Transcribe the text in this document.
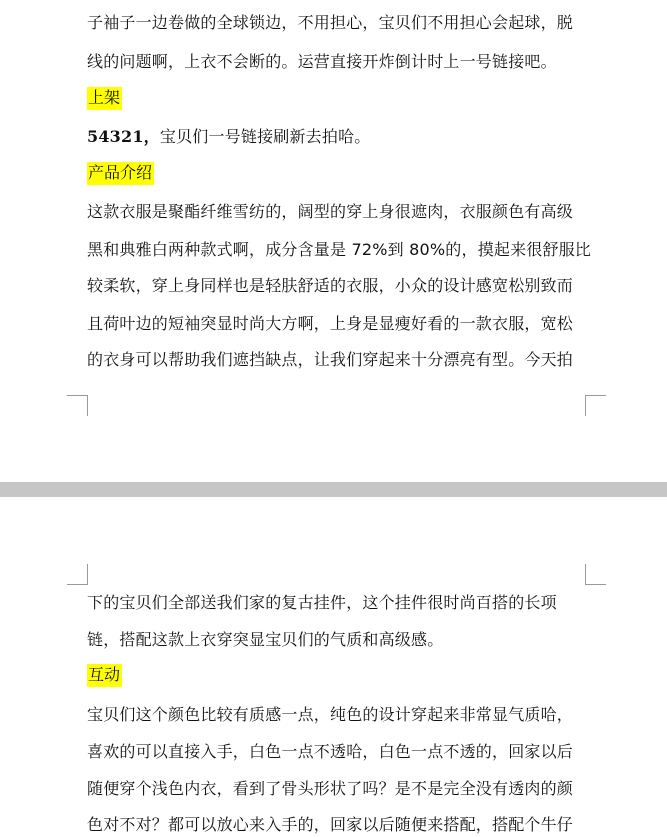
子袖子一边卷做的全球锁边，不用担心，宝贝们不用担心会起球，脱
线的问题啊，上衣不会断的。运营直接开炸倒计时上一号链接吧。
上架
54321，宝贝们一号链接刷新去拍哈。
产品介绍
这款衣服是聚酯纤维雪纺的，阔型的穿上身很遮肉，衣服颜色有高级
黑和典雅白两种款式啊，成分含量是 72%到 80%的，摸起来很舒服比
较柔软，穿上身同样也是轻肤舒适的衣服，小众的设计感宽松别致而
且荷叶边的短袖突显时尚大方啊，上身是显瘦好看的一款衣服，宽松
的衣身可以帮助我们遮挡缺点，让我们穿起来十分漂亮有型。今天拍
下的宝贝们全部送我们家的复古挂件，这个挂件很时尚百搭的长项
链，搭配这款上衣穿突显宝贝们的气质和高级感。
互动
宝贝们这个颜色比较有质感一点，纯色的设计穿起来非常显气质哈，
喜欢的可以直接入手，白色一点不透哈，白色一点不透的，回家以后
随便穿个浅色内衣，看到了骨头形状了吗？是不是完全没有透肉的颜
色对不对？都可以放心来入手的，回家以后随便来搭配，搭配个牛仔
